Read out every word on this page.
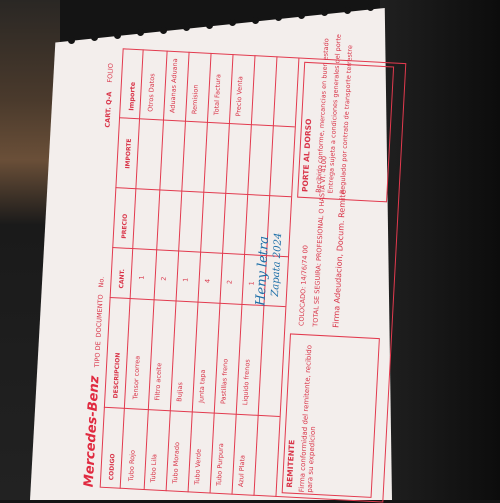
Mercedes-Benz
CART. Q-A
FOLIO
TIPO DE
DOCUMENTO
No.
CODIGO
DESCRIPCION
CANT.
PRECIO
IMPORTE
Tubo Rojo Tubo Lila Tubo Morado Tubo Verde Tubo Purpura Azul Plata
Tensor correa Filtro aceite Bujias Junta tapa Pastillas freno Liquido frenos
1 2 1 4 2 1
Importe Otros Datos Aduanas Aduana Remision Total Factura Precio Venta
REMITENTE Firma conformidad del remitente, recibido para su expedicion
COLOCADO: 14/76/74 00 TOTAL SE SEGUIRA: PROFESIONAL O HASTA VI. 4100 Firma Adeudacion, Docum. Remite
PORTE AL DORSO Recibido conforme, mercancias en buen estado
Entrega sujeta a condiciones generales del porte
Regulado por contrato de transporte terrestre
Heny letra
Zapata 2024
